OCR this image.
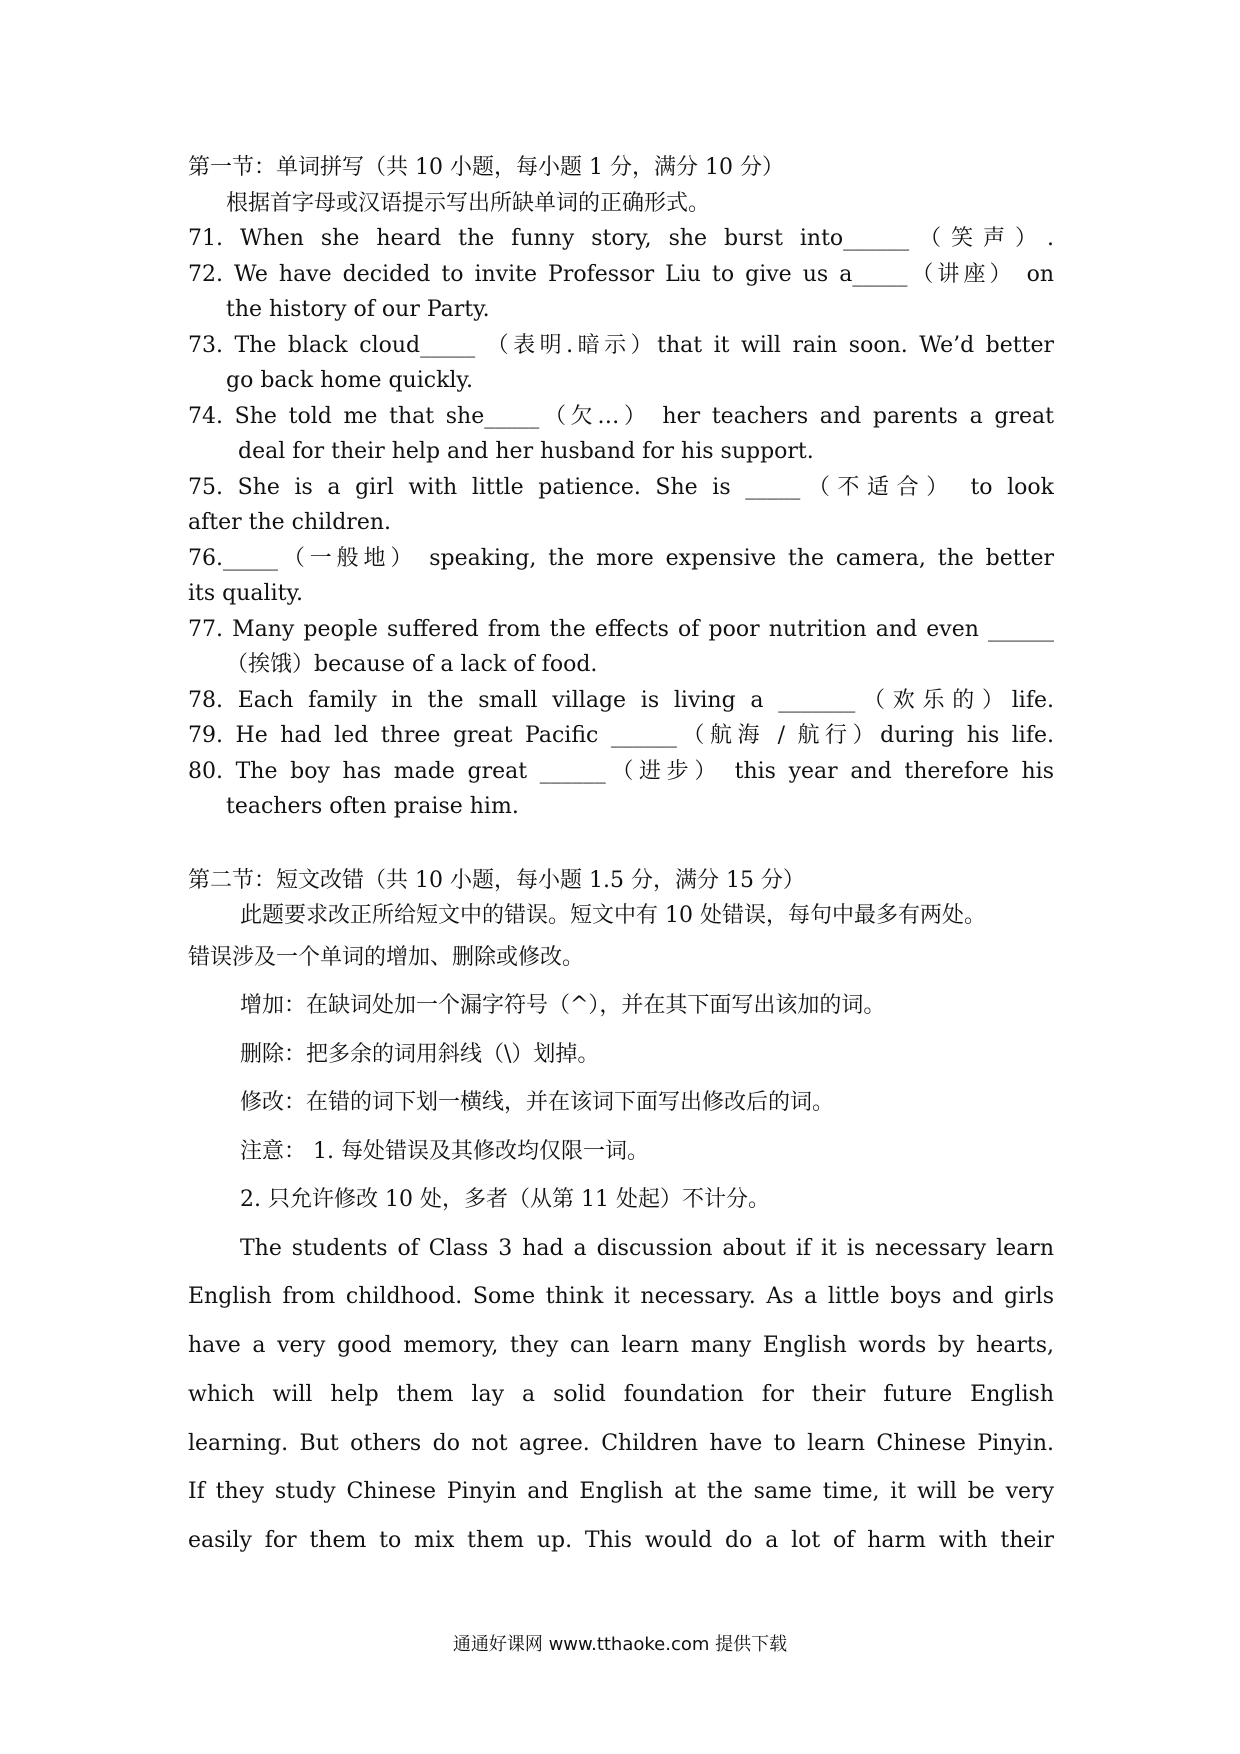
第一节：单词拼写（共 10 小题，每小题 1 分，满分 10 分）
根据首字母或汉语提示写出所缺单词的正确形式。
71. When she heard the funny story, she burst into______（笑声）.
72. We have decided to invite Professor Liu to give us a_____（讲座） on
the history of our Party.
73. The black cloud_____ （表明.暗示）that it will rain soon. We’d better
go back home quickly.
74. She told me that she_____（欠…） her teachers and parents a great
deal for their help and her husband for his support.
75. She is a girl with little patience. She is _____（不适合） to look
after the children.
76._____（一般地） speaking, the more expensive the camera, the better
its quality.
77. Many people suffered from the effects of poor nutrition and even ______
（挨饿）because of a lack of food.
78. Each family in the small village is living a _______（欢乐的）life.
79. He had led three great Pacific ______（航海 / 航行）during his life.
80. The boy has made great ______（进步） this year and therefore his
teachers often praise him.
第二节：短文改错（共 10 小题，每小题 1.5 分，满分 15 分）
此题要求改正所给短文中的错误。短文中有 10 处错误，每句中最多有两处。
错误涉及一个单词的增加、删除或修改。
增加：在缺词处加一个漏字符号（^），并在其下面写出该加的词。
删除：把多余的词用斜线（\）划掉。
修改：在错的词下划一横线，并在该词下面写出修改后的词。
注意： 1. 每处错误及其修改均仅限一词。
2. 只允许修改 10 处，多者（从第 11 处起）不计分。
The students of Class 3 had a discussion about if it is necessary learn
English from childhood. Some think it necessary. As a little boys and girls
have a very good memory, they can learn many English words by hearts,
which will help them lay a solid foundation for their future English
learning. But others do not agree. Children have to learn Chinese Pinyin.
If they study Chinese Pinyin and English at the same time, it will be very
easily for them to mix them up. This would do a lot of harm with their
通通好课网 www.tthaoke.com 提供下载
